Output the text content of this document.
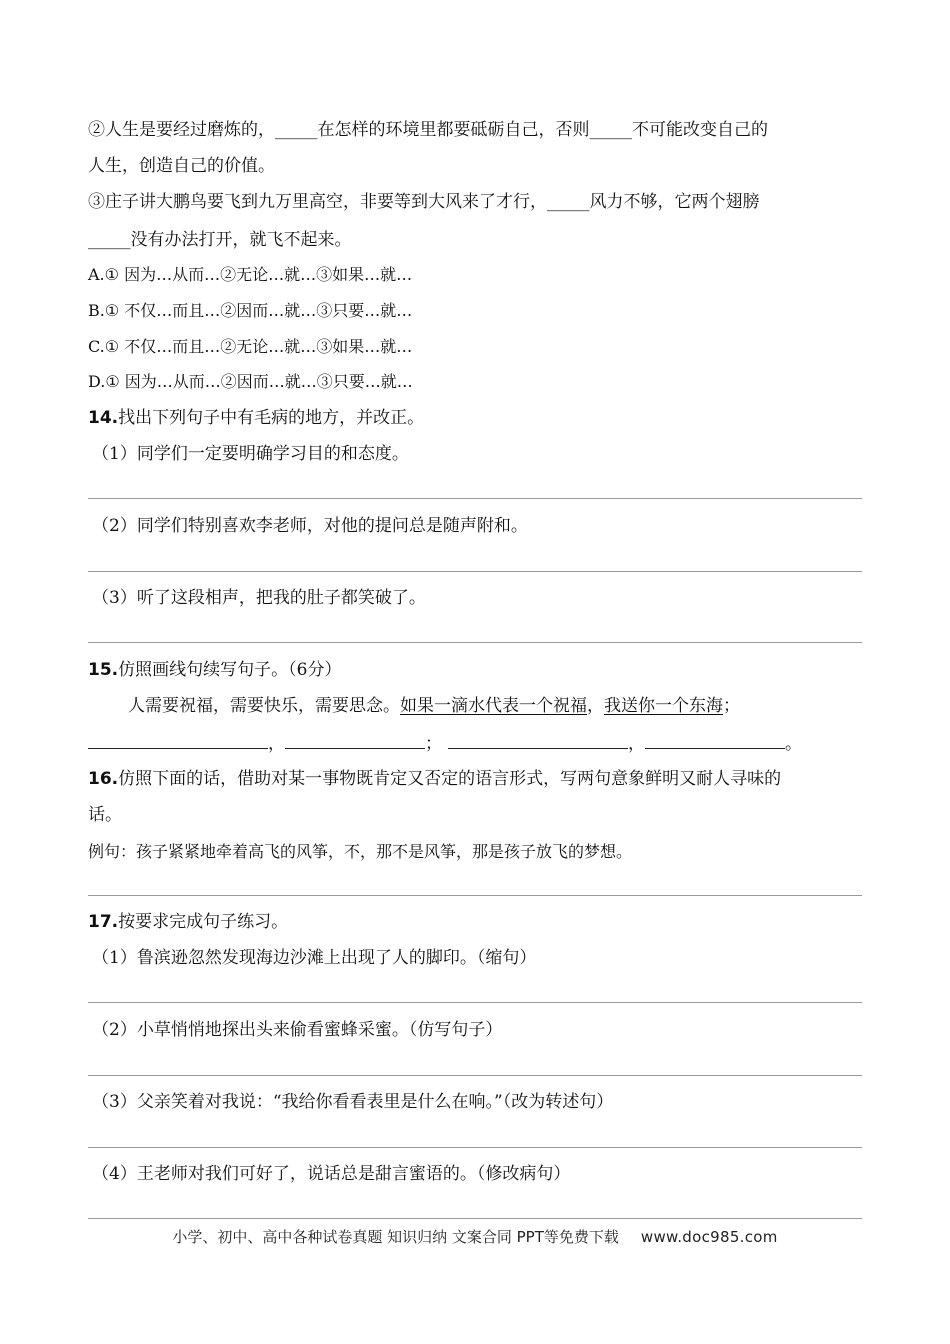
②人生是要经过磨炼的，_____在怎样的环境里都要砥砺自己，否则_____不可能改变自己的
人生，创造自己的价值。
③庄子讲大鹏鸟要飞到九万里高空，非要等到大风来了才行，_____风力不够，它两个翅膀
_____没有办法打开，就飞不起来。
A.① 因为…从而…②无论…就…③如果…就…
B.① 不仅…而且…②因而…就…③只要…就…
C.① 不仅…而且…②无论…就…③如果…就…
D.① 因为…从而…②因而…就…③只要…就…
14.找出下列句子中有毛病的地方，并改正。
（1）同学们一定要明确学习目的和态度。
（2）同学们特别喜欢李老师，对他的提问总是随声附和。
（3）听了这段相声，把我的肚子都笑破了。
15.仿照画线句续写句子。（6分）
人需要祝福，需要快乐，需要思念。如果一滴水代表一个祝福，我送你一个东海；
，	；	，	。
16.仿照下面的话，借助对某一事物既肯定又否定的语言形式，写两句意象鲜明又耐人寻味的
话。
例句：孩子紧紧地牵着高飞的风筝，不，那不是风筝，那是孩子放飞的梦想。
17.按要求完成句子练习。
（1）鲁滨逊忽然发现海边沙滩上出现了人的脚印。（缩句）
（2）小草悄悄地探出头来偷看蜜蜂采蜜。（仿写句子）
（3）父亲笑着对我说：“我给你看看表里是什么在响。”（改为转述句）
（4）王老师对我们可好了，说话总是甜言蜜语的。（修改病句）
小学、初中、高中各种试卷真题 知识归纳 文案合同 PPT等免费下载 www.doc985.com
